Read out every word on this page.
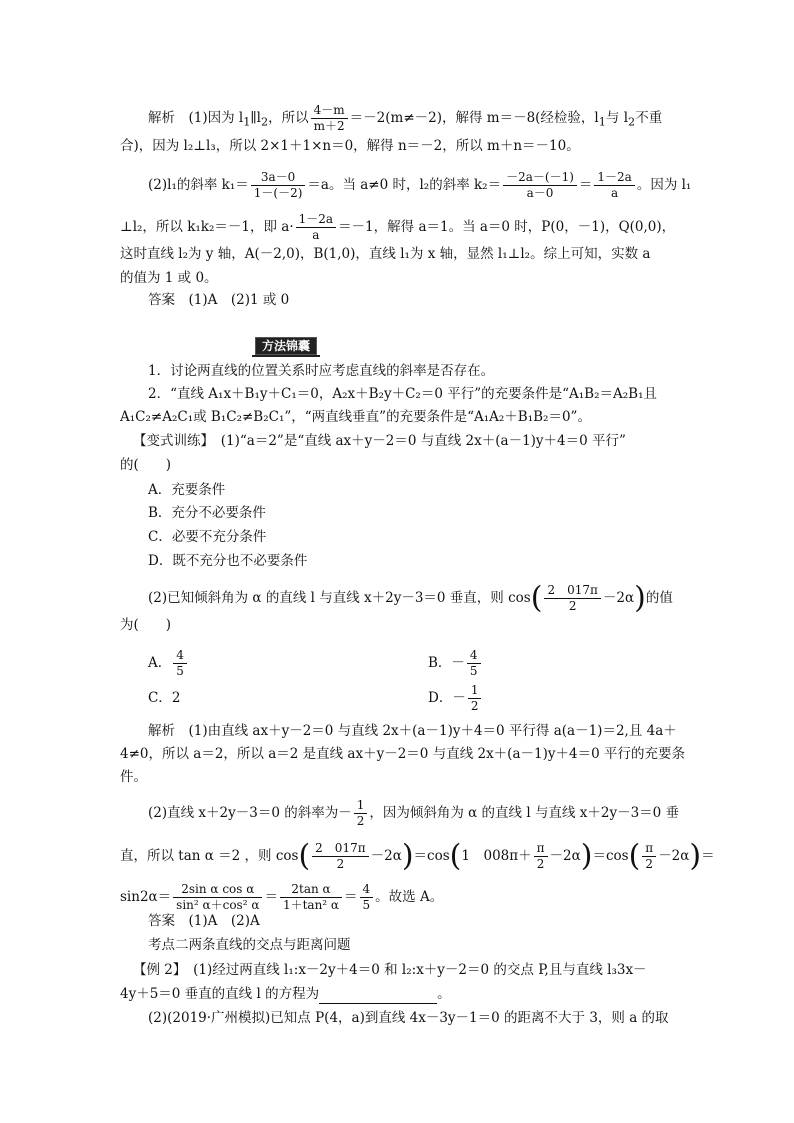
解析　(1)因为 $l_1\parallel l_2$，所以 $\frac{4-m}{m+2} =-2(m\ne-2)$，解得 m＝－8(经检验，$l_1$与 $l_2$不重
合)，因为 l₂⊥l₃，所以 2×1＋1×n＝0，解得 n＝－2，所以 m＋n＝－10。
(2)l₁的斜率 $k_1= \frac{3a-0}{1-(-2)} =a$。当 a≠0 时，l₂的斜率 $k_2= \frac{-2a-(-1)}{a-0} = \frac{1-2a}{a}$ 。因为 l₁
⊥l₂，所以 k₁k₂＝－1，即 $a\cdot \frac{1-2a}{a} =-1$，解得 a＝1。当 a＝0 时，P(0，－1)，Q(0,0)，
这时直线 l₂为 y 轴，A(－2,0)，B(1,0)，直线 l₁为 x 轴，显然 l₁⊥l₂。综上可知，实数 a
的值为 1 或 0。
答案　(1)A　(2)1 或 0
方法锦囊
1．讨论两直线的位置关系时应考虑直线的斜率是否存在。
2．“直线 A₁x＋B₁y＋C₁＝0，A₂x＋B₂y＋C₂＝0 平行”的充要条件是“A₁B₂＝A₂B₁且
A₁C₂≠A₂C₁或 B₁C₂≠B₂C₁”，“两直线垂直”的充要条件是“A₁A₂＋B₁B₂＝0”。
【变式训练】　(1)“a＝2”是“直线 ax＋y－2＝0 与直线 2x＋(a－1)y＋4＝0 平行”
的(　　)
A．充要条件
B．充分不必要条件
C．必要不充分条件
D．既不充分也不必要条件
(2)已知倾斜角为 α 的直线 l 与直线 x＋2y－3＝0 垂直，则 $\cos( \frac{2 017\pi}{2} -2\alpha)$的值
为(　　)
A． $\frac{4}{5}$	B．－ $\frac{4}{5}$
C．2	D．－ $\frac{1}{2}$
解析　(1)由直线 ax＋y－2＝0 与直线 2x＋(a－1)y＋4＝0 平行得 a(a－1)＝2,且 4a＋
4≠0，所以 a＝2，所以 a＝2 是直线 ax＋y－2＝0 与直线 2x＋(a－1)y＋4＝0 平行的充要条
件。
(2)直线 x＋2y－3＝0 的斜率为－ $\frac{1}{2}$ ，因为倾斜角为 α 的直线 l 与直线 x＋2y－3＝0 垂
直，所以 tan α ＝2 ，则 $\cos( \frac{2 017\pi}{2} -2\alpha)=\cos(1$　$008\pi+ \frac{\pi}{2} -2\alpha)=\cos( \frac{\pi}{2} -2\alpha)=$
$\sin 2\alpha= \frac{\text{2sin α cos α}}{\text{sin² α＋cos² α}} = \frac{\text{2tan α}}{\text{1＋tan² α}} = \frac{4}{5}$ 。故选 A。
答案　(1)A　(2)A
考点二两条直线的交点与距离问题
【例 2】　(1)经过两直线 l₁:x－2y＋4＝0 和 l₂:x＋y－2＝0 的交点 P,且与直线 l₃3x－
4y＋5＝0 垂直的直线 l 的方程为	。
(2)(2019·广州模拟)已知点 P(4，a)到直线 4x－3y－1＝0 的距离不大于 3，则 a 的取
